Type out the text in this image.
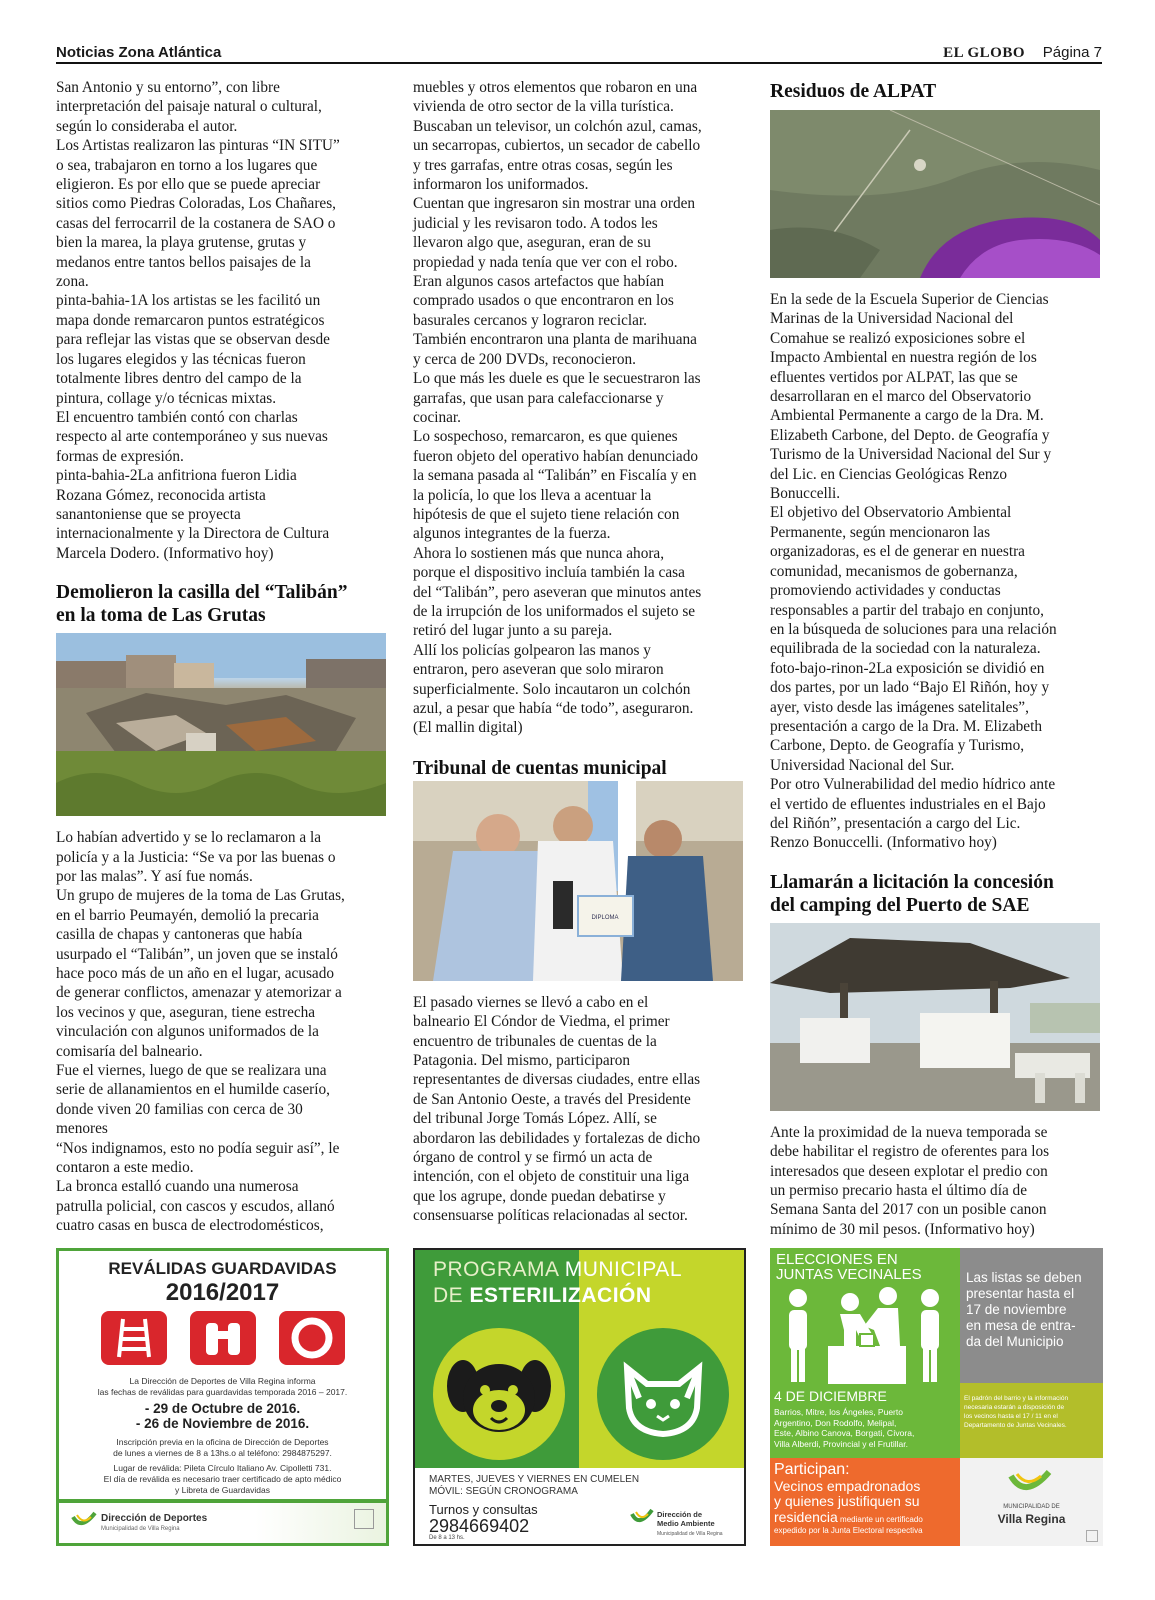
Noticias Zona Atlántica	EL GLOBO Página 7
San Antonio y su entorno”, con libre
interpretación del paisaje natural o cultural,
según lo consideraba el autor.
Los Artistas realizaron las pinturas “IN SITU”
o sea, trabajaron en torno a los lugares que
eligieron. Es por ello que se puede apreciar
sitios como Piedras Coloradas, Los Chañares,
casas del ferrocarril de la costanera de SAO o
bien la marea, la playa grutense, grutas y
medanos entre tantos bellos paisajes de la
zona.
pinta-bahia-1A los artistas se les facilitó un
mapa donde remarcaron puntos estratégicos
para reflejar las vistas que se observan desde
los lugares elegidos y las técnicas fueron
totalmente libres dentro del campo de la
pintura, collage y/o técnicas mixtas.
El encuentro también contó con charlas
respecto al arte contemporáneo y sus nuevas
formas de expresión.
pinta-bahia-2La anfitriona fueron Lidia
Rozana Gómez, reconocida artista
sanantoniense que se proyecta
internacionalmente y la Directora de Cultura
Marcela Dodero. (Informativo hoy)
Demolieron la casilla del “Talibán”
en la toma de Las Grutas
Lo habían advertido y se lo reclamaron a la
policía y a la Justicia: “Se va por las buenas o
por las malas”. Y así fue nomás.
Un grupo de mujeres de la toma de Las Grutas,
en el barrio Peumayén, demolió la precaria
casilla de chapas y cantoneras que había
usurpado el “Talibán”, un joven que se instaló
hace poco más de un año en el lugar, acusado
de generar conflictos, amenazar y atemorizar a
los vecinos y que, aseguran, tiene estrecha
vinculación con algunos uniformados de la
comisaría del balneario.
Fue el viernes, luego de que se realizara una
serie de allanamientos en el humilde caserío,
donde viven 20 familias con cerca de 30
menores
“Nos indignamos, esto no podía seguir así”, le
contaron a este medio.
La bronca estalló cuando una numerosa
patrulla policial, con cascos y escudos, allanó
cuatro casas en busca de electrodomésticos,
muebles y otros elementos que robaron en una
vivienda de otro sector de la villa turística.
Buscaban un televisor, un colchón azul, camas,
un secarropas, cubiertos, un secador de cabello
y tres garrafas, entre otras cosas, según les
informaron los uniformados.
Cuentan que ingresaron sin mostrar una orden
judicial y les revisaron todo. A todos les
llevaron algo que, aseguran, eran de su
propiedad y nada tenía que ver con el robo.
Eran algunos casos artefactos que habían
comprado usados o que encontraron en los
basurales cercanos y lograron reciclar.
También encontraron una planta de marihuana
y cerca de 200 DVDs, reconocieron.
Lo que más les duele es que le secuestraron las
garrafas, que usan para calefaccionarse y
cocinar.
Lo sospechoso, remarcaron, es que quienes
fueron objeto del operativo habían denunciado
la semana pasada al “Talibán” en Fiscalía y en
la policía, lo que los lleva a acentuar la
hipótesis de que el sujeto tiene relación con
algunos integrantes de la fuerza.
Ahora lo sostienen más que nunca ahora,
porque el dispositivo incluía también la casa
del “Talibán”, pero aseveran que minutos antes
de la irrupción de los uniformados el sujeto se
retiró del lugar junto a su pareja.
Allí los policías golpearon las manos y
entraron, pero aseveran que solo miraron
superficialmente. Solo incautaron un colchón
azul, a pesar que había “de todo”, aseguraron.
(El mallin digital)
Tribunal de cuentas municipal
DIPLOMA
El pasado viernes se llevó a cabo en el
balneario El Cóndor de Viedma, el primer
encuentro de tribunales de cuentas de la
Patagonia. Del mismo, participaron
representantes de diversas ciudades, entre ellas
de San Antonio Oeste, a través del Presidente
del tribunal Jorge Tomás López. Allí, se
abordaron las debilidades y fortalezas de dicho
órgano de control y se firmó un acta de
intención, con el objeto de constituir una liga
que los agrupe, donde puedan debatirse y
consensuarse políticas relacionadas al sector.
Residuos de ALPAT
En la sede de la Escuela Superior de Ciencias
Marinas de la Universidad Nacional del
Comahue se realizó exposiciones sobre el
Impacto Ambiental en nuestra región de los
efluentes vertidos por ALPAT, las que se
desarrollaran en el marco del Observatorio
Ambiental Permanente a cargo de la Dra. M.
Elizabeth Carbone, del Depto. de Geografía y
Turismo de la Universidad Nacional del Sur y
del Lic. en Ciencias Geológicas Renzo
Bonuccelli.
El objetivo del Observatorio Ambiental
Permanente, según mencionaron las
organizadoras, es el de generar en nuestra
comunidad, mecanismos de gobernanza,
promoviendo actividades y conductas
responsables a partir del trabajo en conjunto,
en la búsqueda de soluciones para una relación
equilibrada de la sociedad con la naturaleza.
foto-bajo-rinon-2La exposición se dividió en
dos partes, por un lado “Bajo El Riñón, hoy y
ayer, visto desde las imágenes satelitales”,
presentación a cargo de la Dra. M. Elizabeth
Carbone, Depto. de Geografía y Turismo,
Universidad Nacional del Sur.
Por otro Vulnerabilidad del medio hídrico ante
el vertido de efluentes industriales en el Bajo
del Riñón”, presentación a cargo del Lic.
Renzo Bonuccelli. (Informativo hoy)
Llamarán a licitación la concesión
del camping del Puerto de SAE
Ante la proximidad de la nueva temporada se
debe habilitar el registro de oferentes para los
interesados que deseen explotar el predio con
un permiso precario hasta el último día de
Semana Santa del 2017 con un posible canon
mínimo de 30 mil pesos. (Informativo hoy)
REVÁLIDAS GUARDAVIDAS
2016/2017
La Dirección de Deportes de Villa Regina informa
las fechas de reválidas para guardavidas temporada 2016 – 2017.
- 29 de Octubre de 2016.
- 26 de Noviembre de 2016.
Inscripción previa en la oficina de Dirección de Deportes
de lunes a viernes de 8 a 13hs.o al teléfono: 2984875297.
Lugar de reválida: Pileta Círculo Italiano Av. Cipolletti 731.
El día de reválida es necesario traer certificado de apto médico
y Libreta de Guardavidas
Dirección de Deportes
Municipalidad de Villa Regina
PROGRAMA MUNICIPAL
DE ESTERILIZACIÓN
MARTES, JUEVES Y VIERNES EN CUMELEN
MÓVIL: SEGÚN CRONOGRAMA
Turnos y consultas
2984669402
De 8 a 13 hs.
Dirección de
Medio Ambiente
Municipalidad de Villa Regina
ELECCIONES EN
JUNTAS VECINALES
4 DE DICIEMBRE
Barrios, Mitre, los Ángeles, Puerto
Argentino, Don Rodolfo, Melipal,
Este, Albino Canova, Borgati, Cívora,
Villa Alberdi, Provincial y el Frutillar.
Las listas se deben
presentar hasta el
17 de noviembre
en mesa de entra-
da del Municipio
El padrón del barrio y la información
necesaria estarán a disposición de
los vecinos hasta el 17 / 11 en el
Departamento de Juntas Vecinales.
Participan:
Vecinos empadronados
y quienes justifiquen su
residencia mediante un certificado
expedido por la Junta Electoral respectiva
MUNICIPALIDAD DE
Villa Regina
